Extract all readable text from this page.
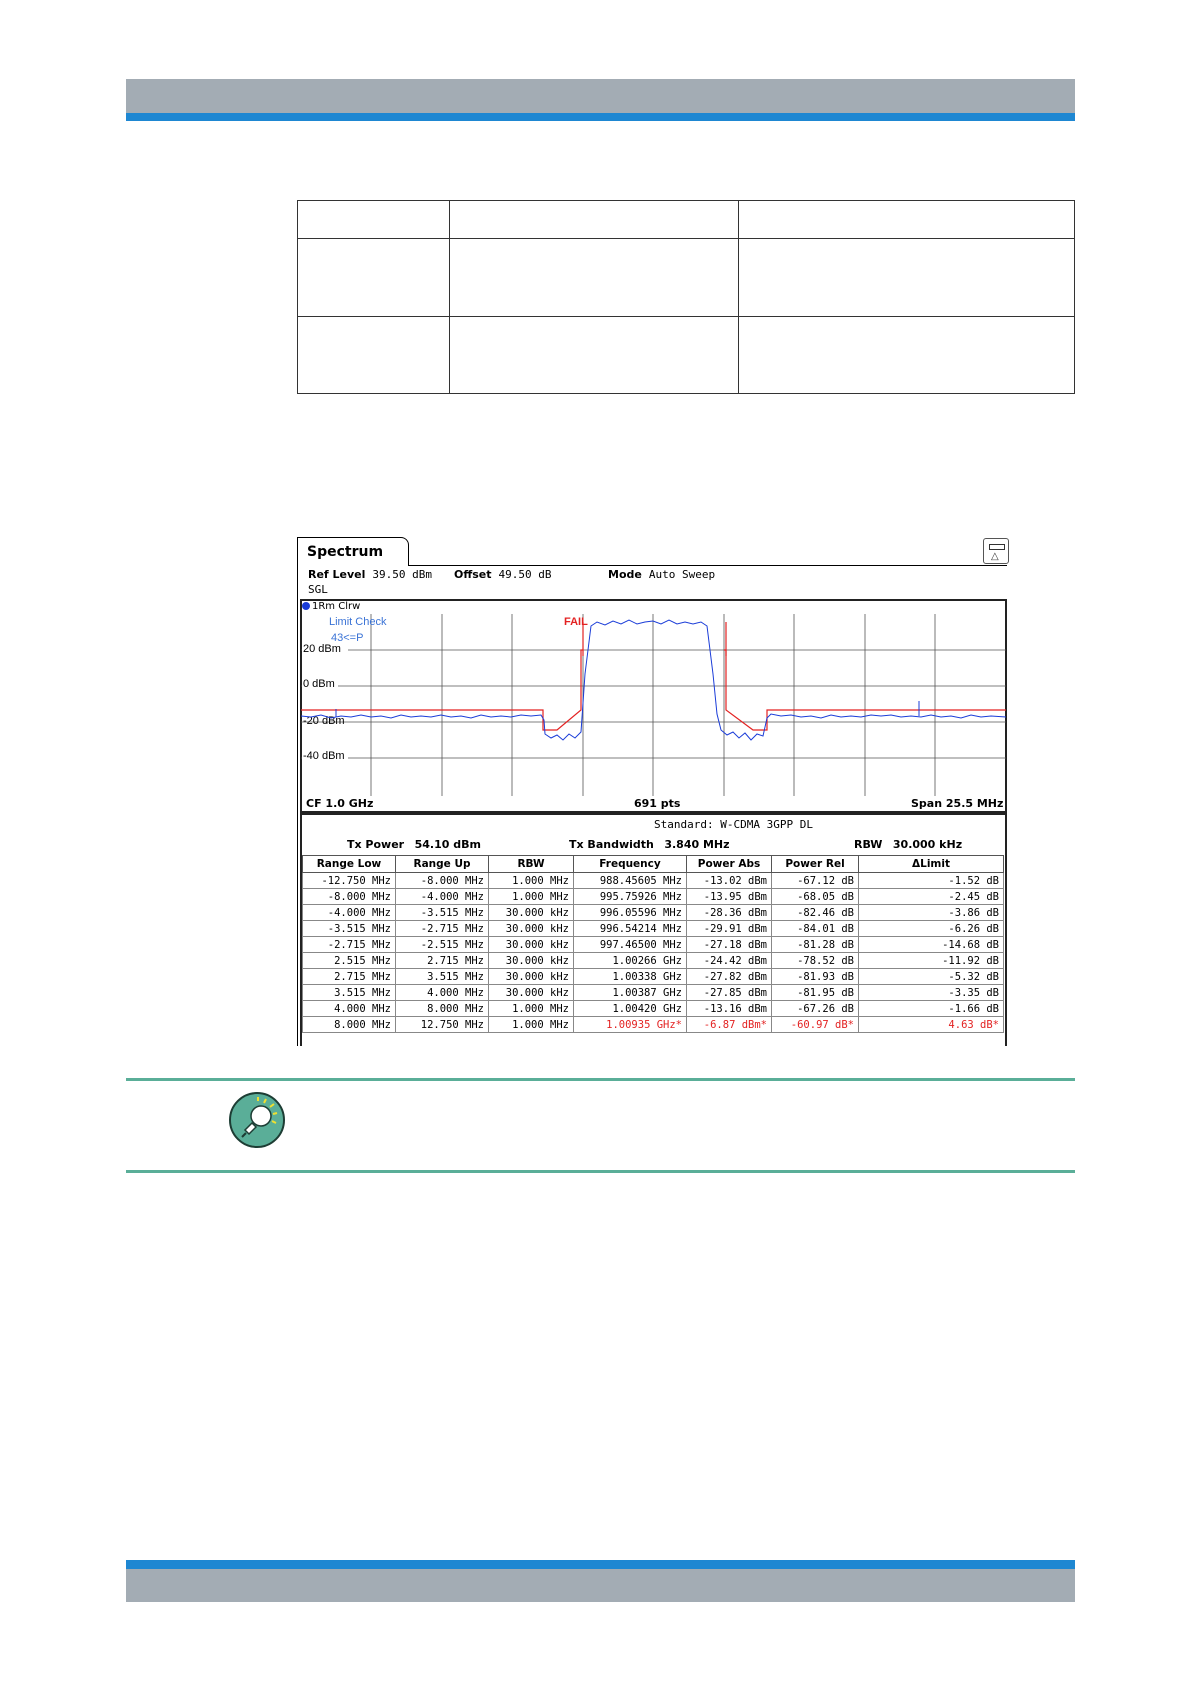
Spectrum	△
Ref Level 39.50 dBm Offset 49.50 dB	Mode Auto Sweep
SGL
1Rm Clrw
20 dBm
0 dBm
-20 dBm
-40 dBm
Limit Check
43<=P
FAIL
CF 1.0 GHz	691 pts	Span 25.5 MHz
Standard: W-CDMA 3GPP DL
Tx Power 54.10 dBm	Tx Bandwidth 3.840 MHz	RBW 30.000 kHz
Range Low	Range Up	RBW	Frequency	Power Abs	Power Rel	ΔLimit
-12.750 MHz	-8.000 MHz	1.000 MHz	988.45605 MHz	-13.02 dBm	-67.12 dB	-1.52 dB
-8.000 MHz	-4.000 MHz	1.000 MHz	995.75926 MHz	-13.95 dBm	-68.05 dB	-2.45 dB
-4.000 MHz	-3.515 MHz	30.000 kHz	996.05596 MHz	-28.36 dBm	-82.46 dB	-3.86 dB
-3.515 MHz	-2.715 MHz	30.000 kHz	996.54214 MHz	-29.91 dBm	-84.01 dB	-6.26 dB
-2.715 MHz	-2.515 MHz	30.000 kHz	997.46500 MHz	-27.18 dBm	-81.28 dB	-14.68 dB
2.515 MHz	2.715 MHz	30.000 kHz	1.00266 GHz	-24.42 dBm	-78.52 dB	-11.92 dB
2.715 MHz	3.515 MHz	30.000 kHz	1.00338 GHz	-27.82 dBm	-81.93 dB	-5.32 dB
3.515 MHz	4.000 MHz	30.000 kHz	1.00387 GHz	-27.85 dBm	-81.95 dB	-3.35 dB
4.000 MHz	8.000 MHz	1.000 MHz	1.00420 GHz	-13.16 dBm	-67.26 dB	-1.66 dB
8.000 MHz	12.750 MHz	1.000 MHz	1.00935 GHz*	-6.87 dBm*	-60.97 dB*	4.63 dB*
